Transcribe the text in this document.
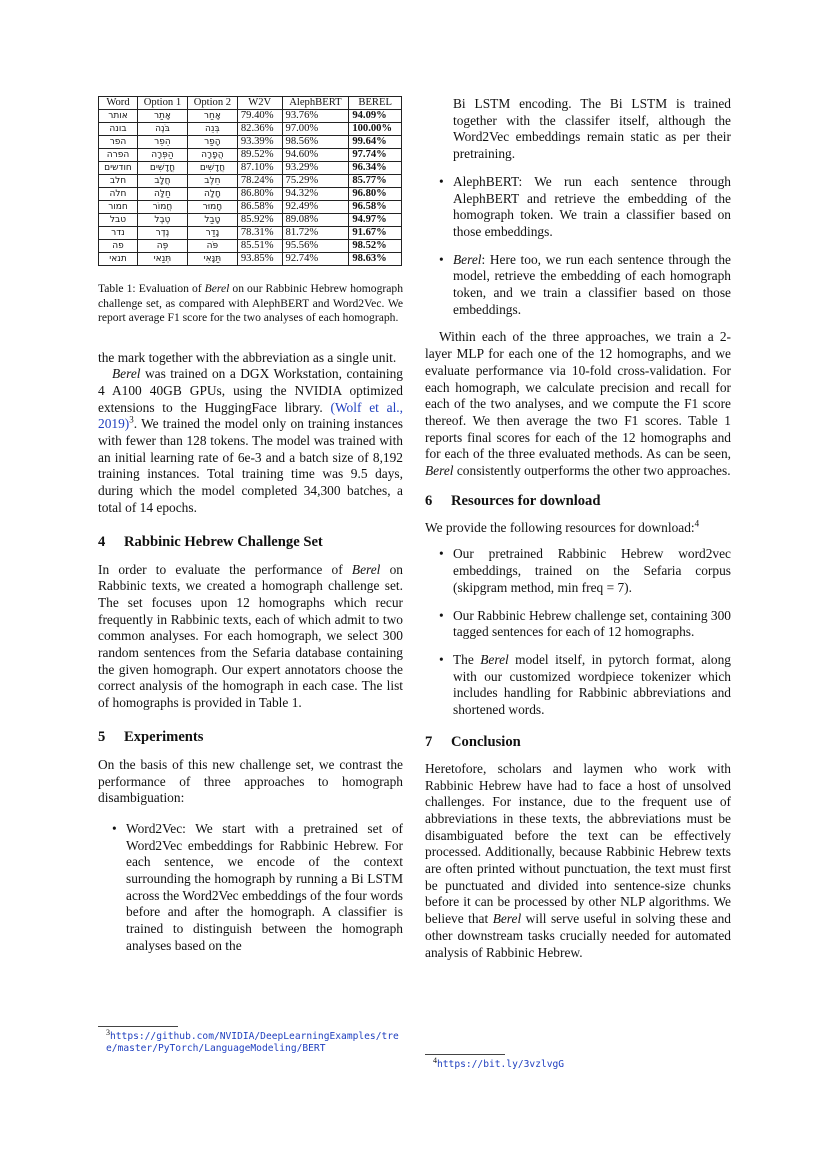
Word	Option 1	Option 2	W2V	AlephBERT	BEREL
אותר	אָתַר	אָחַר	79.40%	93.76%	94.09%
בונה	בֹּנֶה	בְּנֵה	82.36%	97.00%	100.00%
הפר	הֵפֵר	הָפַר	93.39%	98.56%	99.64%
הפרה	הַפְּרָה	הֲפָרָה	89.52%	94.60%	97.74%
חודשים	חֳדָשִׁים	חֲדָשִׁים	87.10%	93.29%	96.34%
חלב	חֲלָב	חֵלֶב	78.24%	75.29%	85.77%
חלה	חַלָּה	חָלָה	86.80%	94.32%	96.80%
חמור	חֲמוֹר	חָמוּר	86.58%	92.49%	96.58%
טבל	טֶבֶל	טָבַל	85.92%	89.08%	94.97%
נדר	נֶדֶר	נָדַר	78.31%	81.72%	91.67%
פה	פֶּה	פֹּה	85.51%	95.56%	98.52%
תנאי	תְּנַאי	תַּנָּאִי	93.85%	92.74%	98.63%

Table 1: Evaluation of Berel on our Rabbinic Hebrew homograph challenge set, as compared with AlephBERT and Word2Vec. We report average F1 score for the two analyses of each homograph.

the mark together with the abbreviation as a single unit.

Berel was trained on a DGX Workstation, containing 4 A100 40GB GPUs, using the NVIDIA optimized extensions to the HuggingFace library. (Wolf et al., 2019)$^3$. We trained the model only on training instances with fewer than 128 tokens. The model was trained with an initial learning rate of 6e-3 and a batch size of 8,192 training instances. Total training time was 9.5 days, during which the model completed 34,300 batches, a total of 14 epochs.

4 Rabbinic Hebrew Challenge Set

In order to evaluate the performance of Berel on Rabbinic texts, we created a homograph challenge set. The set focuses upon 12 homographs which recur frequently in Rabbinic texts, each of which admit to two common analyses. For each homograph, we select 300 random sentences from the Sefaria database containing the given homograph. Our expert annotators choose the correct analysis of the homograph in each case. The list of homographs is provided in Table 1.

5 Experiments

On the basis of this new challenge set, we contrast the performance of three approaches to homograph disambiguation:

• Word2Vec: We start with a pretrained set of Word2Vec embeddings for Rabbinic Hebrew. For each sentence, we encode of the context surrounding the homograph by running a Bi LSTM across the Word2Vec embeddings of the four words before and after the homograph. A classifier is trained to distinguish between the homograph analyses based on the
$^3$https://github.com/NVIDIA/DeepLearningExamples/tree/master/PyTorch/LanguageModeling/BERT
Bi LSTM encoding. The Bi LSTM is trained together with the classifer itself, although the Word2Vec embeddings remain static as per their pretraining.
• AlephBERT: We run each sentence through AlephBERT and retrieve the embedding of the homograph token. We train a classifier based on those embeddings.
• Berel: Here too, we run each sentence through the model, retrieve the embedding of each homograph token, and we train a classifier based on those embeddings.

Within each of the three approaches, we train a 2-layer MLP for each one of the 12 homographs, and we evaluate performance via 10-fold cross-validation. For each homograph, we calculate precision and recall for each of the two analyses, and we compute the F1 score thereof. We then average the two F1 scores. Table 1 reports final scores for each of the 12 homographs and for each of the three evaluated methods. As can be seen, Berel consistently outperforms the other two approaches.

6 Resources for download

We provide the following resources for download:$^4$

• Our pretrained Rabbinic Hebrew word2vec embeddings, trained on the Sefaria corpus (skipgram method, min freq = 7).
• Our Rabbinic Hebrew challenge set, containing 300 tagged sentences for each of 12 homographs.
• The Berel model itself, in pytorch format, along with our customized wordpiece tokenizer which includes handling for Rabbinic abbreviations and shortened words.
7 Conclusion

Heretofore, scholars and laymen who work with Rabbinic Hebrew have had to face a host of unsolved challenges. For instance, due to the frequent use of abbreviations in these texts, the abbreviations must be disambiguated before the text can be effectively processed. Additionally, because Rabbinic Hebrew texts are often printed without punctuation, the text must first be punctuated and divided into sentence-size chunks before it can be processed by other NLP algorithms. We believe that Berel will serve useful in solving these and other downstream tasks crucially needed for automated analysis of Rabbinic Hebrew.

$^4$https://bit.ly/3vzlvgG
